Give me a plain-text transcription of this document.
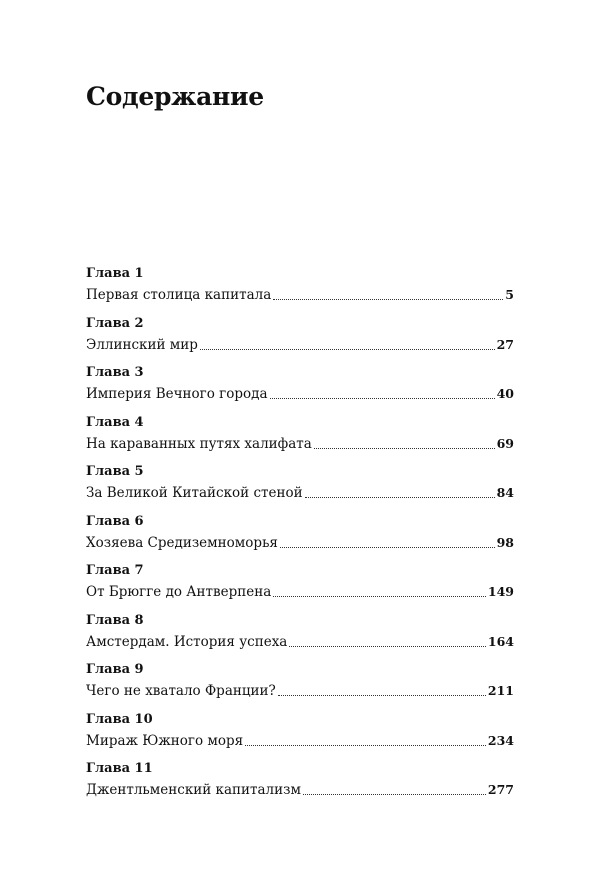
Содержание
Глава 1
Первая столица капитала	5
Глава 2
Эллинский мир	27
Глава 3
Империя Вечного города	40
Глава 4
На караванных путях халифата	69
Глава 5
За Великой Китайской стеной	84
Глава 6
Хозяева Средиземноморья	98
Глава 7
От Брюгге до Антверпена	149
Глава 8
Амстердам. История успеха	164
Глава 9
Чего не хватало Франции?	211
Глава 10
Мираж Южного моря	234
Глава 11
Джентльменский капитализм	277
